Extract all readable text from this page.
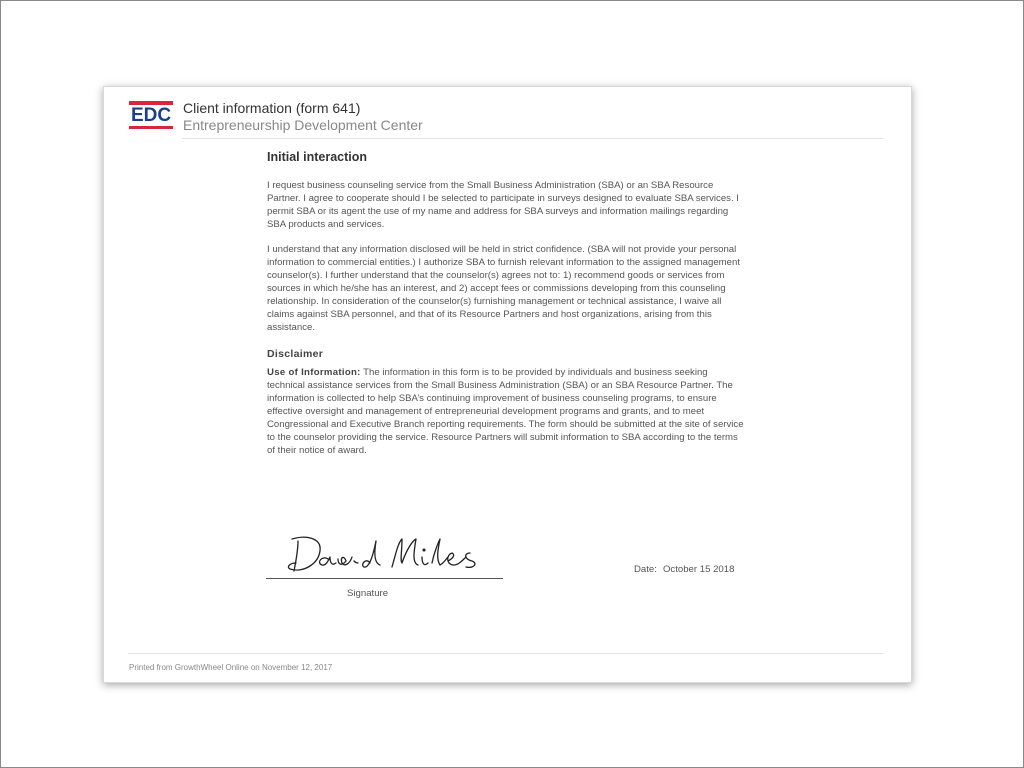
EDC Client information (form 641)
Entrepreneurship Development Center
Initial interaction

I request business counseling service from the Small Business Administration (SBA) or an SBA Resource Partner. I agree to cooperate should I be selected to participate in surveys designed to evaluate SBA services. I permit SBA or its agent the use of my name and address for SBA surveys and information mailings regarding SBA products and services.

I understand that any information disclosed will be held in strict confidence. (SBA will not provide your personal information to commercial entities.) I authorize SBA to furnish relevant information to the assigned management counselor(s). I further understand that the counselor(s) agrees not to: 1) recommend goods or services from sources in which he/she has an interest, and 2) accept fees or commissions developing from this counseling relationship. In consideration of the counselor(s) furnishing management or technical assistance, I waive all claims against SBA personnel, and that of its Resource Partners and host organizations, arising from this assistance.

Disclaimer

Use of Information: The information in this form is to be provided by individuals and business seeking technical assistance services from the Small Business Administration (SBA) or an SBA Resource Partner. The information is collected to help SBA’s continuing improvement of business counseling programs, to ensure effective oversight and management of entrepreneurial development programs and grants, and to meet Congressional and Executive Branch reporting requirements. The form should be submitted at the site of service to the counselor providing the service. Resource Partners will submit information to SBA according to the terms of their notice of award.

Signature
Date: October 15 2018
Printed from GrowthWheel Online on November 12, 2017
